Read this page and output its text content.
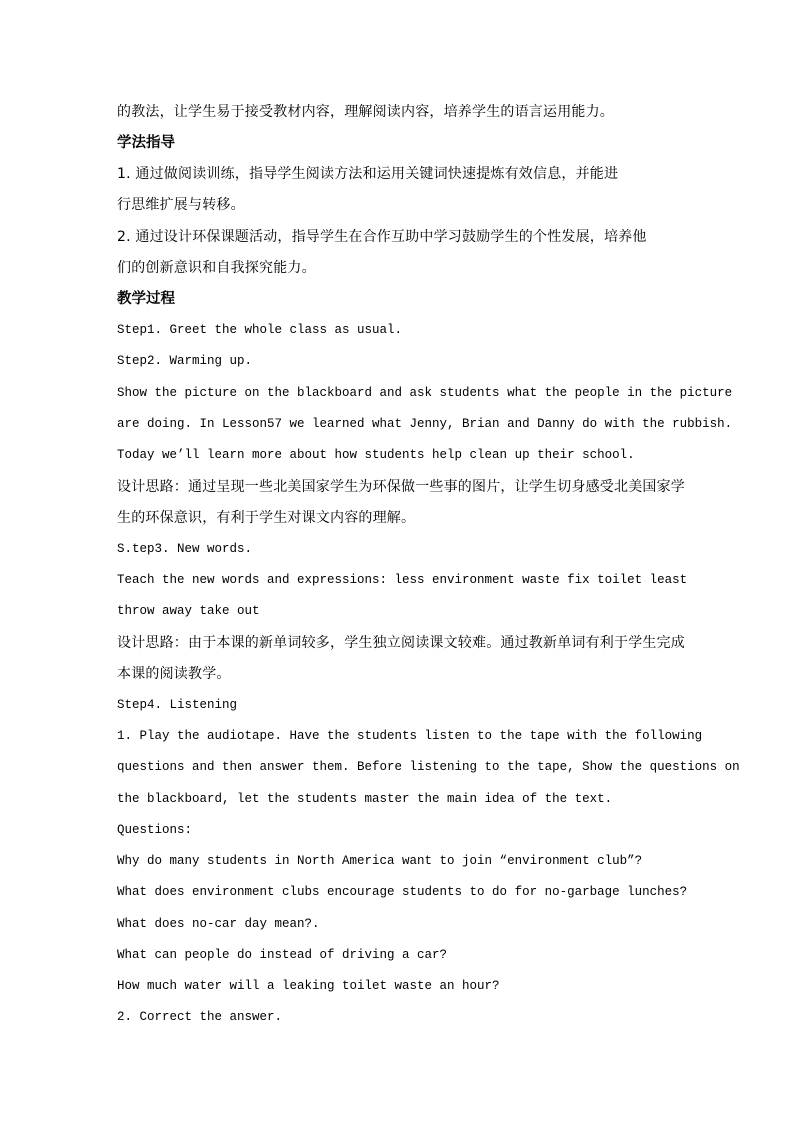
的教法，让学生易于接受教材内容，理解阅读内容，培养学生的语言运用能力。
学法指导
1. 通过做阅读训练，指导学生阅读方法和运用关键词快速提炼有效信息，并能进
行思维扩展与转移。
2. 通过设计环保课题活动，指导学生在合作互助中学习鼓励学生的个性发展，培养他
们的创新意识和自我探究能力。
教学过程
Step1. Greet the whole class as usual.
Step2. Warming up.
Show the picture on the blackboard and ask students what the people in the picture
are doing. In Lesson57 we learned what Jenny, Brian and Danny do with the rubbish.
Today we’ll learn more about how students help clean up their school.
设计思路：通过呈现一些北美国家学生为环保做一些事的图片，让学生切身感受北美国家学
生的环保意识，有利于学生对课文内容的理解。
S.tep3. New words.
Teach the new words and expressions: less environment waste fix toilet least
throw away take out
设计思路：由于本课的新单词较多，学生独立阅读课文较难。通过教新单词有利于学生完成
本课的阅读教学。
Step4. Listening
1. Play the audiotape. Have the students listen to the tape with the following
questions and then answer them. Before listening to the tape, Show the questions on
the blackboard, let the students master the main idea of the text.
Questions:
Why do many students in North America want to join “environment club”?
What does environment clubs encourage students to do for no-garbage lunches?
What does no-car day mean?.
What can people do instead of driving a car?
How much water will a leaking toilet waste an hour?
2. Correct the answer.
